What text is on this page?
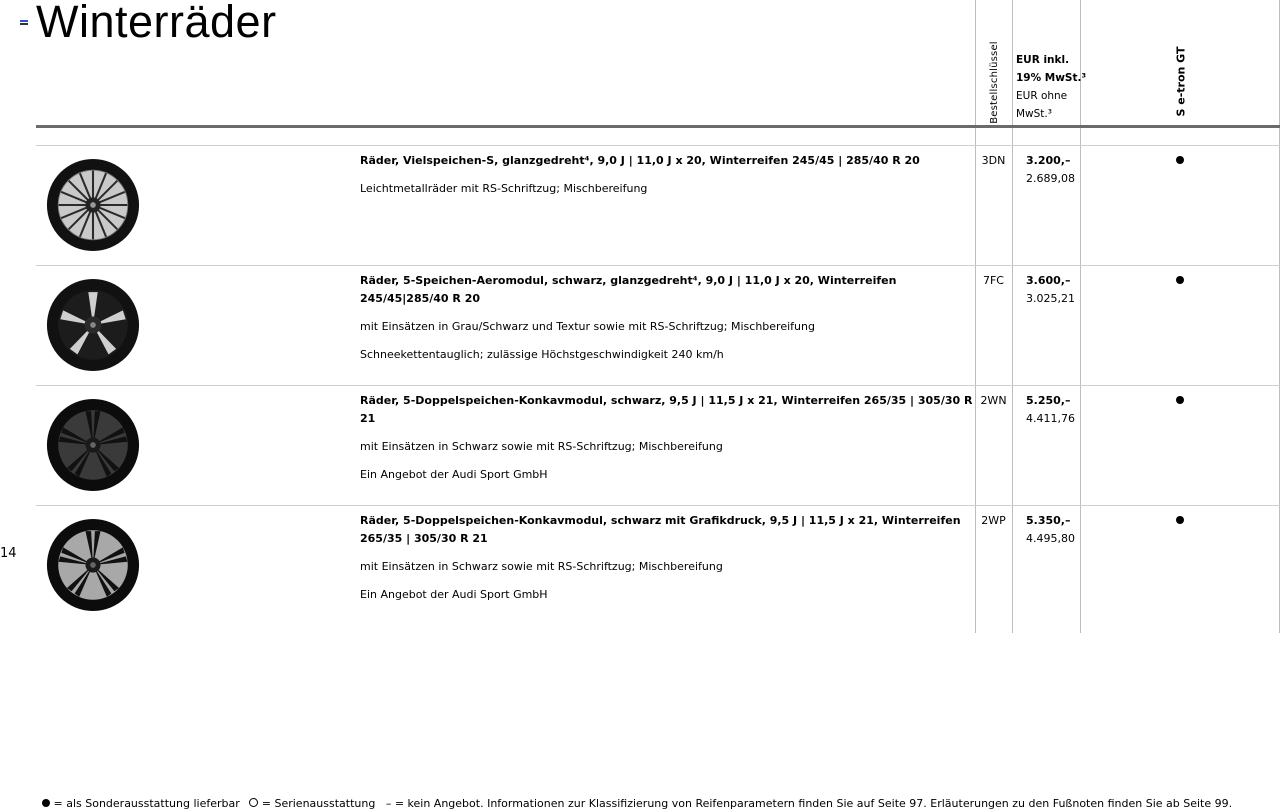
Winterräder
Bestellschlüssel EUR inkl.
19% MwSt.³
EUR ohne
MwSt.³	S e-tron GT
Räder, Vielspeichen-S, glanzgedreht⁴, 9,0 J | 11,0 J x 20, Winterreifen 245/45 | 285/40 R 20
Leichtmetallräder mit RS-Schriftzug; Mischbereifung
3DN 3.200,–
2.689,08
Räder, 5-Speichen-Aeromodul, schwarz, glanzgedreht⁴, 9,0 J | 11,0 J x 20, Winterreifen 245/45|285/40 R 20
mit Einsätzen in Grau/Schwarz und Textur sowie mit RS-Schriftzug; Mischbereifung
Schneekettentauglich; zulässige Höchstgeschwindigkeit 240 km/h
7FC 3.600,–
3.025,21
Räder, 5-Doppelspeichen-Konkavmodul, schwarz, 9,5 J | 11,5 J x 21, Winterreifen 265/35 | 305/30 R 21
mit Einsätzen in Schwarz sowie mit RS-Schriftzug; Mischbereifung
Ein Angebot der Audi Sport GmbH
2WN 5.250,–
4.411,76
Räder, 5-Doppelspeichen-Konkavmodul, schwarz mit Grafikdruck, 9,5 J | 11,5 J x 21, Winterreifen 265/35 | 305/30 R 21
mit Einsätzen in Schwarz sowie mit RS-Schriftzug; Mischbereifung
Ein Angebot der Audi Sport GmbH
2WP 5.350,–
4.495,80
14
= als Sonderausstattung lieferbar = Serienausstattung – = kein Angebot. Informationen zur Klassifizierung von Reifenparametern finden Sie auf Seite 97. Erläuterungen zu den Fußnoten finden Sie ab Seite 99.
